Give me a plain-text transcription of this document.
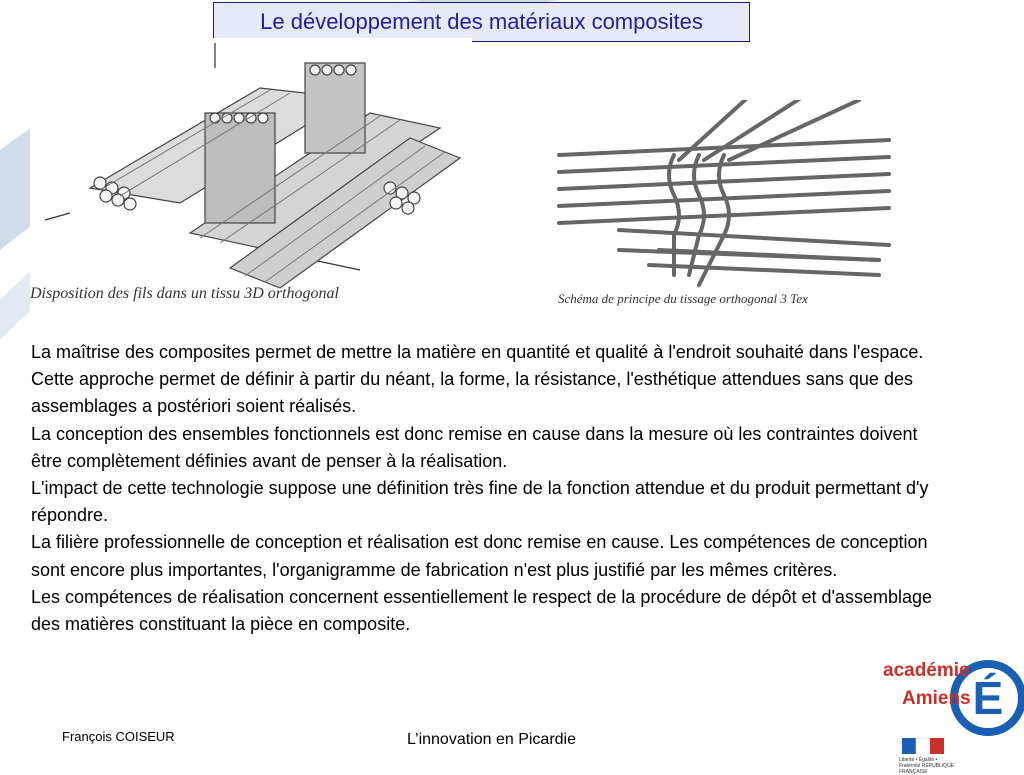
Le développement des matériaux composites
Disposition des fils dans un tissu 3D orthogonal	Schéma de principe du tissage orthogonal 3 Tex

La maîtrise des composites permet de mettre la matière en quantité et qualité à l'endroit souhaité dans l'espace.

Cette approche permet de définir à partir du néant, la forme, la résistance, l'esthétique attendues sans que des assemblages a postériori soient réalisés.

La conception des ensembles fonctionnels est donc remise en cause dans la mesure où les contraintes doivent être complètement définies avant de penser à la réalisation.

L'impact de cette technologie suppose une définition très fine de la fonction attendue et du produit permettant d'y répondre.

La filière professionnelle de conception et réalisation est donc remise en cause. Les compétences de conception sont encore plus importantes, l'organigramme de fabrication n'est plus justifié par les mêmes critères.

Les compétences de réalisation concernent essentiellement le respect de la procédure de dépôt et d'assemblage des matières constituant la pièce en composite.

François COISEUR	L’innovation en Picardie
É
académie
Amiens
Liberté • Égalité • Fraternité RÉPUBLIQUE FRANÇAISE
